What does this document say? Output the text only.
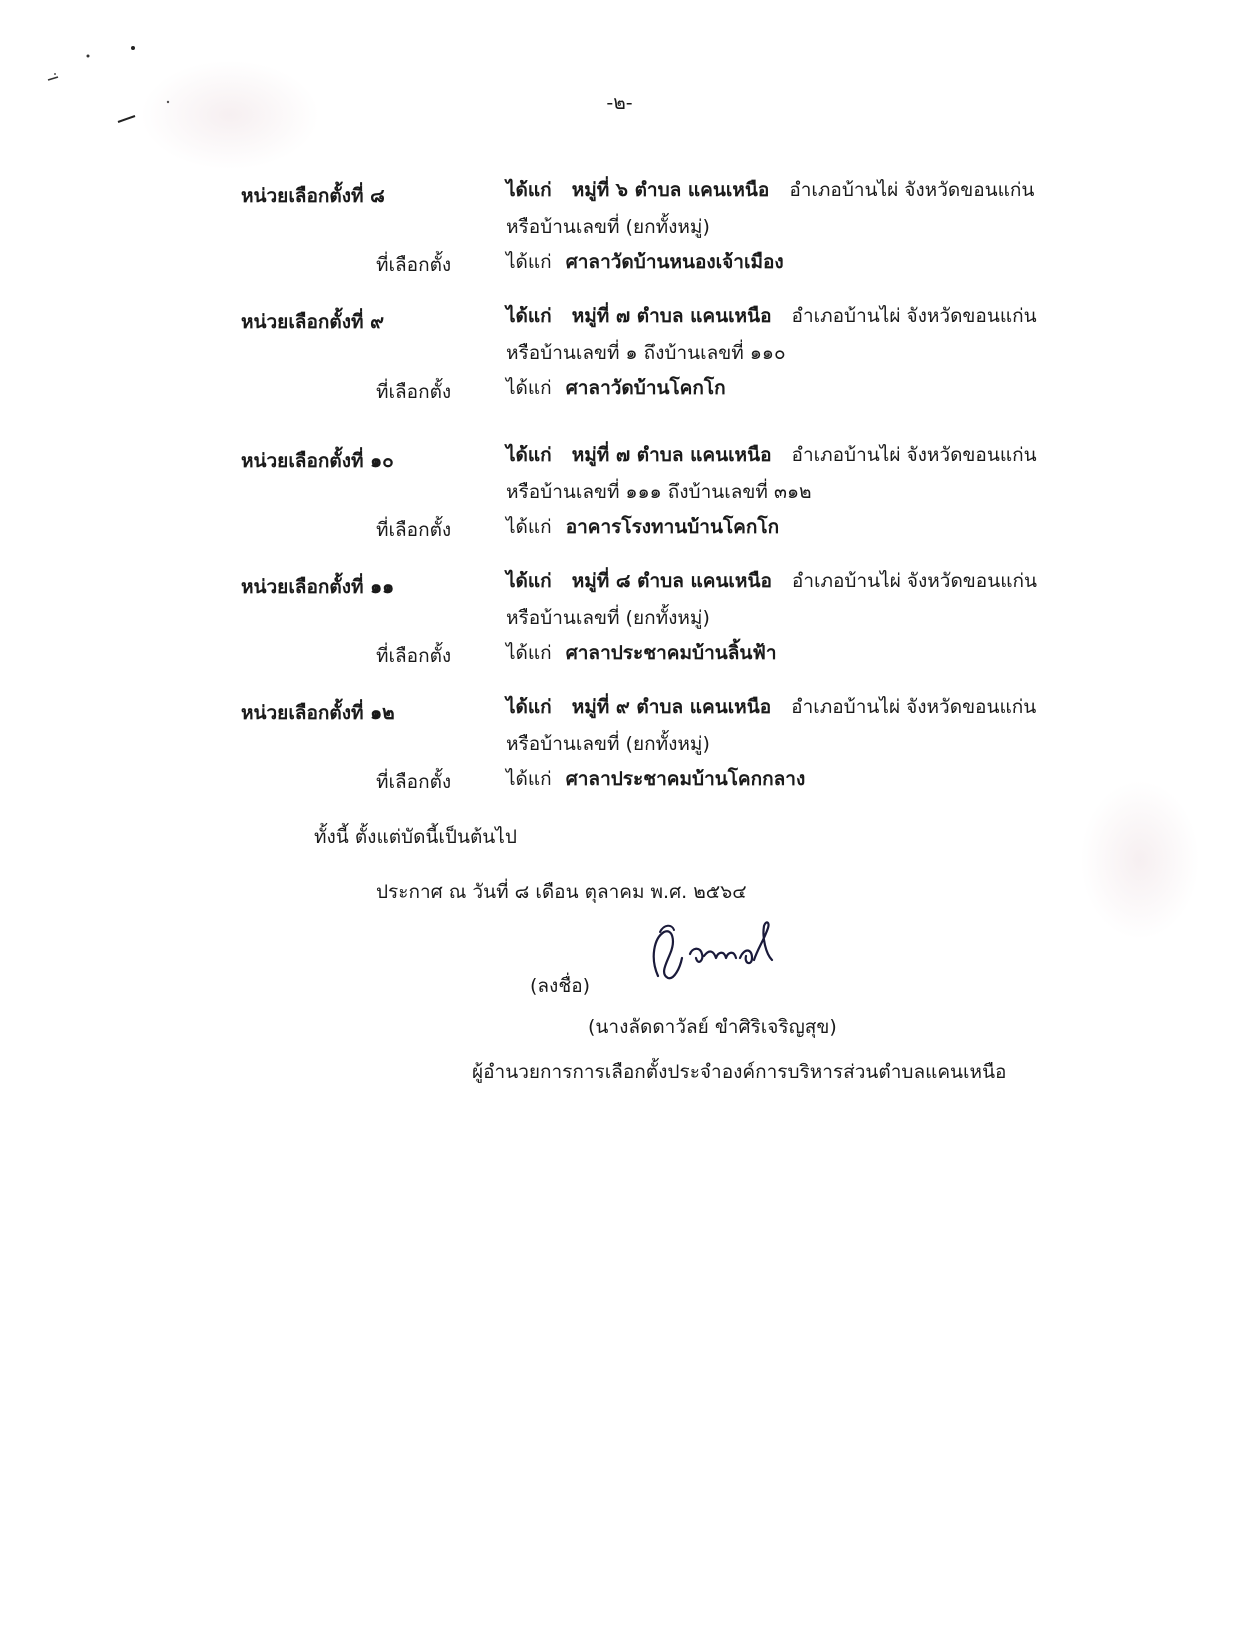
-๒-
หน่วยเลือกตั้งที่ ๘	ได้แก่ หมู่ที่ ๖ ตำบล แคนเหนือ อำเภอบ้านไผ่ จังหวัดขอนแก่น
หรือบ้านเลขที่ (ยกทั้งหมู่)
ที่เลือกตั้ง	ได้แก่ ศาลาวัดบ้านหนองเจ้าเมือง
หน่วยเลือกตั้งที่ ๙	ได้แก่ หมู่ที่ ๗ ตำบล แคนเหนือ อำเภอบ้านไผ่ จังหวัดขอนแก่น
หรือบ้านเลขที่ ๑ ถึงบ้านเลขที่ ๑๑๐
ที่เลือกตั้ง	ได้แก่ ศาลาวัดบ้านโคกโก
หน่วยเลือกตั้งที่ ๑๐	ได้แก่ หมู่ที่ ๗ ตำบล แคนเหนือ อำเภอบ้านไผ่ จังหวัดขอนแก่น
หรือบ้านเลขที่ ๑๑๑ ถึงบ้านเลขที่ ๓๑๒
ที่เลือกตั้ง	ได้แก่ อาคารโรงทานบ้านโคกโก
หน่วยเลือกตั้งที่ ๑๑	ได้แก่ หมู่ที่ ๘ ตำบล แคนเหนือ อำเภอบ้านไผ่ จังหวัดขอนแก่น
หรือบ้านเลขที่ (ยกทั้งหมู่)
ที่เลือกตั้ง	ได้แก่ ศาลาประชาคมบ้านลิ้นฟ้า
หน่วยเลือกตั้งที่ ๑๒	ได้แก่ หมู่ที่ ๙ ตำบล แคนเหนือ อำเภอบ้านไผ่ จังหวัดขอนแก่น
หรือบ้านเลขที่ (ยกทั้งหมู่)
ที่เลือกตั้ง	ได้แก่ ศาลาประชาคมบ้านโคกกลาง
ทั้งนี้ ตั้งแต่บัดนี้เป็นต้นไป
ประกาศ ณ วันที่ ๘ เดือน ตุลาคม พ.ศ. ๒๕๖๔
(ลงชื่อ)
(นางลัดดาวัลย์ ขำศิริเจริญสุข)
ผู้อำนวยการการเลือกตั้งประจำองค์การบริหารส่วนตำบลแคนเหนือ
